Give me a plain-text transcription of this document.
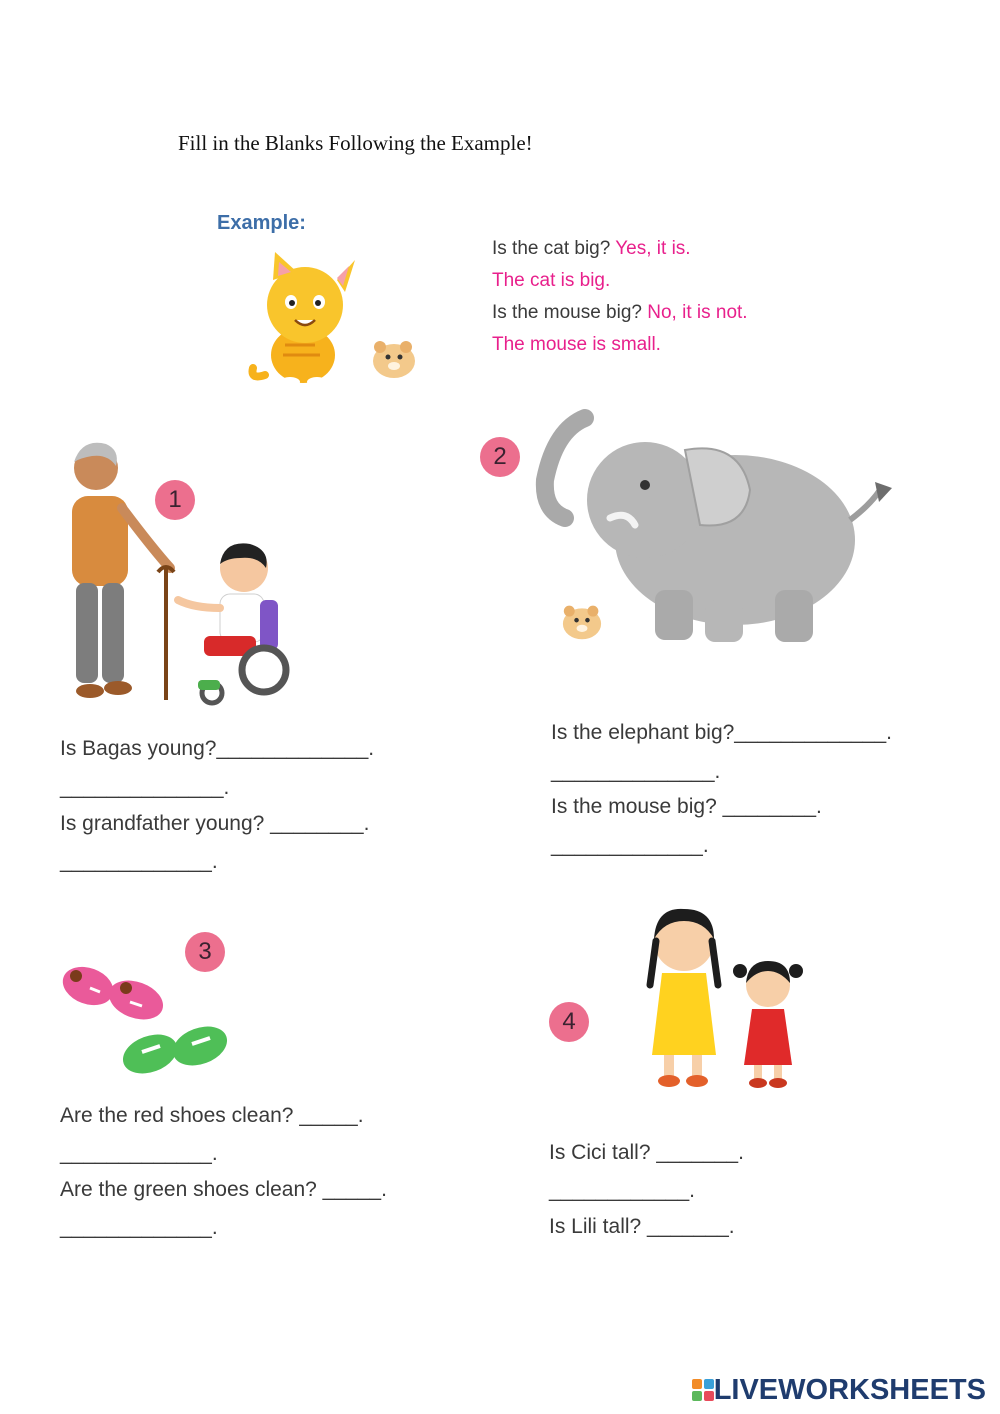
Fill in the Blanks Following the Example!
Example:
Is the cat big? Yes, it is.
The cat is big.
Is the mouse big? No, it is not.
The mouse is small.
1
Is Bagas young?_____________.
______________.
Is grandfather young? ________.
_____________.
2
Is the elephant big?_____________.
______________.
Is the mouse big? ________.
_____________.
3
Are the red shoes clean? _____.
_____________.
Are the green shoes clean? _____.
_____________.
4
Is Cici tall? _______.
____________.
Is Lili tall? _______.
LIVEWORKSHEETS
